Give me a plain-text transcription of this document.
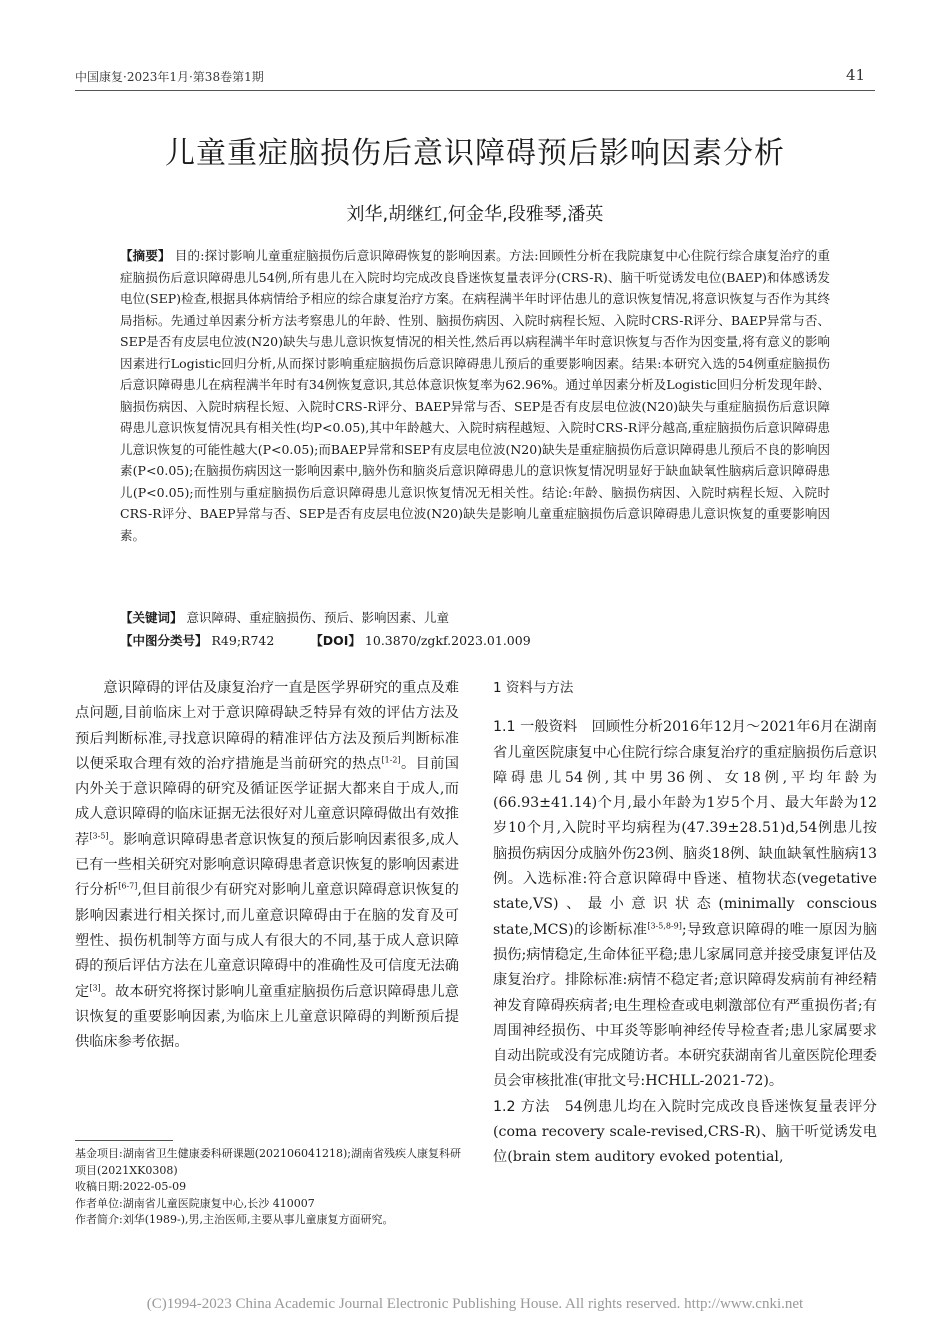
中国康复·2023年1月·第38卷第1期	41
儿童重症脑损伤后意识障碍预后影响因素分析
刘华,胡继红,何金华,段雅琴,潘英
【摘要】 目的:探讨影响儿童重症脑损伤后意识障碍恢复的影响因素。方法:回顾性分析在我院康复中心住院行综合康复治疗的重症脑损伤后意识障碍患儿54例,所有患儿在入院时均完成改良昏迷恢复量表评分(CRS-R)、脑干听觉诱发电位(BAEP)和体感诱发电位(SEP)检查,根据具体病情给予相应的综合康复治疗方案。在病程满半年时评估患儿的意识恢复情况,将意识恢复与否作为其终局指标。先通过单因素分析方法考察患儿的年龄、性别、脑损伤病因、入院时病程长短、入院时CRS-R评分、BAEP异常与否、SEP是否有皮层电位波(N20)缺失与患儿意识恢复情况的相关性,然后再以病程满半年时意识恢复与否作为因变量,将有意义的影响因素进行Logistic回归分析,从而探讨影响重症脑损伤后意识障碍患儿预后的重要影响因素。结果:本研究入选的54例重症脑损伤后意识障碍患儿在病程满半年时有34例恢复意识,其总体意识恢复率为62.96%。通过单因素分析及Logistic回归分析发现年龄、脑损伤病因、入院时病程长短、入院时CRS-R评分、BAEP异常与否、SEP是否有皮层电位波(N20)缺失与重症脑损伤后意识障碍患儿意识恢复情况具有相关性(均P<0.05),其中年龄越大、入院时病程越短、入院时CRS-R评分越高,重症脑损伤后意识障碍患儿意识恢复的可能性越大(P<0.05);而BAEP异常和SEP有皮层电位波(N20)缺失是重症脑损伤后意识障碍患儿预后不良的影响因素(P<0.05);在脑损伤病因这一影响因素中,脑外伤和脑炎后意识障碍患儿的意识恢复情况明显好于缺血缺氧性脑病后意识障碍患儿(P<0.05);而性别与重症脑损伤后意识障碍患儿意识恢复情况无相关性。结论:年龄、脑损伤病因、入院时病程长短、入院时CRS-R评分、BAEP异常与否、SEP是否有皮层电位波(N20)缺失是影响儿童重症脑损伤后意识障碍患儿意识恢复的重要影响因素。
【关键词】 意识障碍、重症脑损伤、预后、影响因素、儿童
【中图分类号】 R49;R742	【DOI】 10.3870/zgkf.2023.01.009
意识障碍的评估及康复治疗一直是医学界研究的重点及难点问题,目前临床上对于意识障碍缺乏特异有效的评估方法及预后判断标准,寻找意识障碍的精准评估方法及预后判断标准以便采取合理有效的治疗措施是当前研究的热点[1-2]。目前国内外关于意识障碍的研究及循证医学证据大都来自于成人,而成人意识障碍的临床证据无法很好对儿童意识障碍做出有效推荐[3-5]。影响意识障碍患者意识恢复的预后影响因素很多,成人已有一些相关研究对影响意识障碍患者意识恢复的影响因素进行分析[6-7],但目前很少有研究对影响儿童意识障碍意识恢复的影响因素进行相关探讨,而儿童意识障碍由于在脑的发育及可塑性、损伤机制等方面与成人有很大的不同,基于成人意识障碍的预后评估方法在儿童意识障碍中的准确性及可信度无法确定[3]。故本研究将探讨影响儿童重症脑损伤后意识障碍患儿意识恢复的重要影响因素,为临床上儿童意识障碍的判断预后提供临床参考依据。
基金项目:湖南省卫生健康委科研课题(202106041218);湖南省残疾人康复科研项目(2021XK0308)
收稿日期:2022-05-09
作者单位:湖南省儿童医院康复中心,长沙 410007
作者简介:刘华(1989-),男,主治医师,主要从事儿童康复方面研究。
1 资料与方法
1.1 一般资料　 回顾性分析2016年12月～2021年6月在湖南省儿童医院康复中心住院行综合康复治疗的重症脑损伤后意识障碍患儿54例,其中男36例、女18例,平均年龄为(66.93±41.14)个月,最小年龄为1岁5个月、最大年龄为12岁10个月,入院时平均病程为(47.39±28.51)d,54例患儿按脑损伤病因分成脑外伤23例、脑炎18例、缺血缺氧性脑病13例。入选标准:符合意识障碍中昏迷、植物状态(vegetative state,VS)、最小意识状态(minimally conscious state,MCS)的诊断标准[3-5,8-9];导致意识障碍的唯一原因为脑损伤;病情稳定,生命体征平稳;患儿家属同意并接受康复评估及康复治疗。排除标准:病情不稳定者;意识障碍发病前有神经精神发育障碍疾病者;电生理检查或电刺激部位有严重损伤者;有周围神经损伤、中耳炎等影响神经传导检查者;患儿家属要求自动出院或没有完成随访者。本研究获湖南省儿童医院伦理委员会审核批准(审批文号:HCHLL-2021-72)。
1.2 方法　 54例患儿均在入院时完成改良昏迷恢复量表评分(coma recovery scale-revised,CRS-R)、脑干听觉诱发电位(brain stem auditory evoked potential,
(C)1994-2023 China Academic Journal Electronic Publishing House. All rights reserved. http://www.cnki.net
